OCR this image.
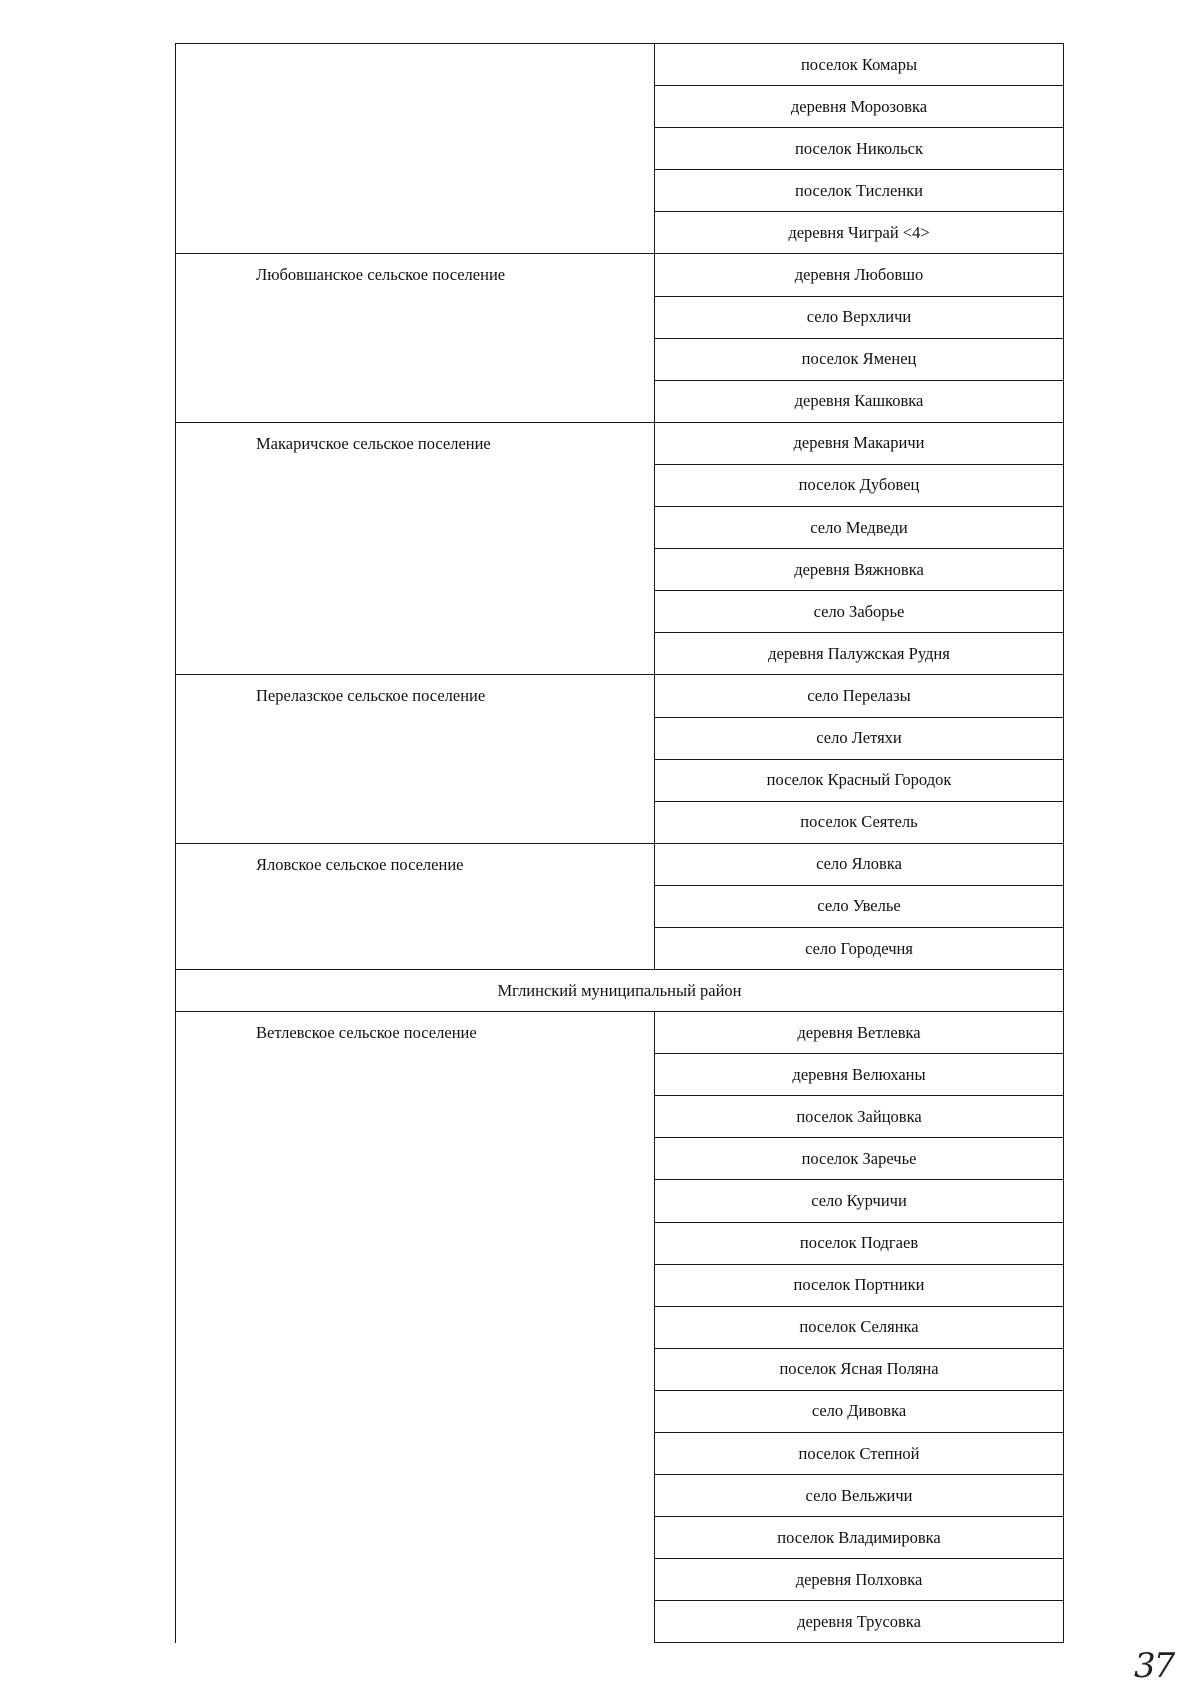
	поселок Комары
	деревня Морозовка
	поселок Никольск
	поселок Тисленки
	деревня Чиграй <4>
Любовшанское сельское поселение	деревня Любовшо
	село Верхличи
	поселок Яменец
	деревня Кашковка
Макаричское сельское поселение	деревня Макаричи
	поселок Дубовец
	село Медведи
	деревня Вяжновка
	село Заборье
	деревня Палужская Рудня
Перелазское сельское поселение	село Перелазы
	село Летяхи
	поселок Красный Городок
	поселок Сеятель
Яловское сельское поселение	село Яловка
	село Увелье
	село Городечня
Мглинский муниципальный район	
Ветлевское сельское поселение	деревня Ветлевка
	деревня Велюханы
	поселок Зайцовка
	поселок Заречье
	село Курчичи
	поселок Подгаев
	поселок Портники
	поселок Селянка
	поселок Ясная Поляна
	село Дивовка
	поселок Степной
	село Вельжичи
	поселок Владимировка
	деревня Полховка
	деревня Трусовка
37
